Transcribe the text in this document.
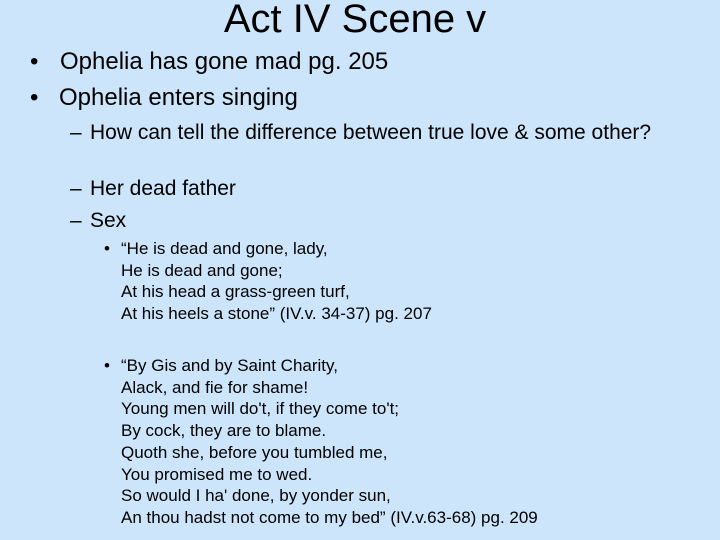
Act IV Scene v
• Ophelia has gone mad pg. 205
• Ophelia enters singing
– How can tell the difference between true love & some other?
– Her dead father
– Sex
• “He is dead and gone, lady,
He is dead and gone;
At his head a grass-green turf,
At his heels a stone” (IV.v. 34-37) pg. 207
• “By Gis and by Saint Charity,
Alack, and fie for shame!
Young men will do't, if they come to't;
By cock, they are to blame.
Quoth she, before you tumbled me,
You promised me to wed.
So would I ha' done, by yonder sun,
An thou hadst not come to my bed” (IV.v.63-68) pg. 209
